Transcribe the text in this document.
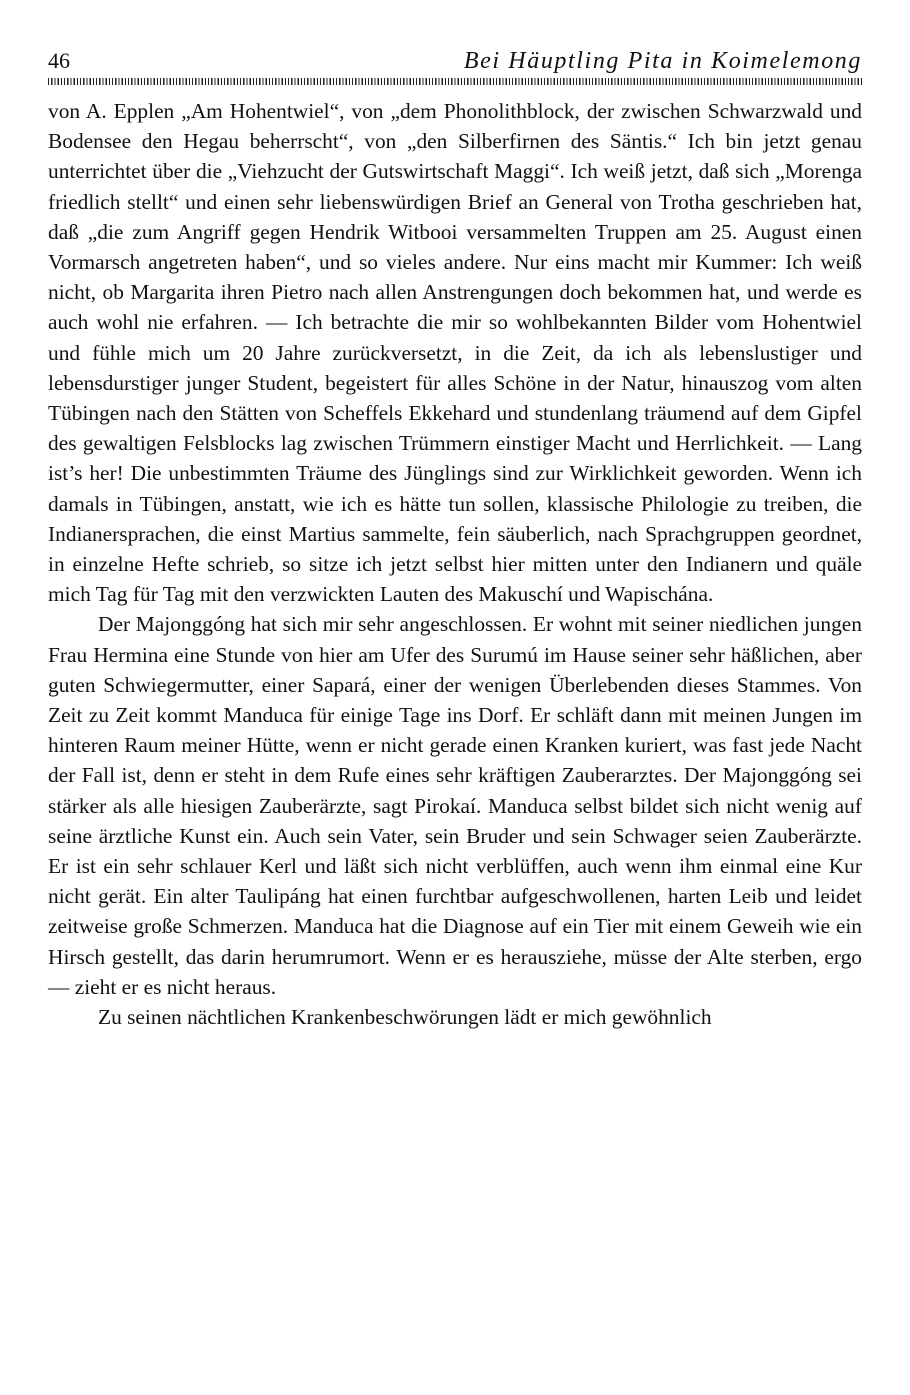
46	Bei Häuptling Pita in Koimelemong

von A. Epplen „Am Hohentwiel“, von „dem Phonolithblock, der zwischen Schwarzwald und Bodensee den Hegau beherrscht“, von „den Silberfirnen des Säntis.“ Ich bin jetzt genau unterrichtet über die „Viehzucht der Gutswirtschaft Maggi“. Ich weiß jetzt, daß sich „Morenga friedlich stellt“ und einen sehr liebenswürdigen Brief an General von Trotha geschrieben hat, daß „die zum Angriff gegen Hendrik Witbooi versammelten Truppen am 25. August einen Vormarsch angetreten haben“, und so vieles andere. Nur eins macht mir Kummer: Ich weiß nicht, ob Margarita ihren Pietro nach allen Anstrengungen doch bekommen hat, und werde es auch wohl nie erfahren. — Ich betrachte die mir so wohlbekannten Bilder vom Hohentwiel und fühle mich um 20 Jahre zurückversetzt, in die Zeit, da ich als lebenslustiger und lebensdurstiger junger Student, begeistert für alles Schöne in der Natur, hinauszog vom alten Tübingen nach den Stätten von Scheffels Ekkehard und stundenlang träumend auf dem Gipfel des gewaltigen Felsblocks lag zwischen Trümmern einstiger Macht und Herrlichkeit. — Lang ist’s her! Die unbestimmten Träume des Jünglings sind zur Wirklichkeit geworden. Wenn ich damals in Tübingen, anstatt, wie ich es hätte tun sollen, klassische Philologie zu treiben, die Indianersprachen, die einst Martius sammelte, fein säuberlich, nach Sprachgruppen geordnet, in einzelne Hefte schrieb, so sitze ich jetzt selbst hier mitten unter den Indianern und quäle mich Tag für Tag mit den verzwickten Lauten des Makuschí und Wapischána.

Der Majonggóng hat sich mir sehr angeschlossen. Er wohnt mit seiner niedlichen jungen Frau Hermina eine Stunde von hier am Ufer des Surumú im Hause seiner sehr häßlichen, aber guten Schwiegermutter, einer Sapará, einer der wenigen Überlebenden dieses Stammes. Von Zeit zu Zeit kommt Manduca für einige Tage ins Dorf. Er schläft dann mit meinen Jungen im hinteren Raum meiner Hütte, wenn er nicht gerade einen Kranken kuriert, was fast jede Nacht der Fall ist, denn er steht in dem Rufe eines sehr kräftigen Zauberarztes. Der Majonggóng sei stärker als alle hiesigen Zauberärzte, sagt Pirokaí. Manduca selbst bildet sich nicht wenig auf seine ärztliche Kunst ein. Auch sein Vater, sein Bruder und sein Schwager seien Zauberärzte. Er ist ein sehr schlauer Kerl und läßt sich nicht verblüffen, auch wenn ihm einmal eine Kur nicht gerät. Ein alter Taulipáng hat einen furchtbar aufgeschwollenen, harten Leib und leidet zeitweise große Schmerzen. Manduca hat die Diagnose auf ein Tier mit einem Geweih wie ein Hirsch gestellt, das darin herumrumort. Wenn er es herausziehe, müsse der Alte sterben, ergo — zieht er es nicht heraus.

Zu seinen nächtlichen Krankenbeschwörungen lädt er mich gewöhnlich
